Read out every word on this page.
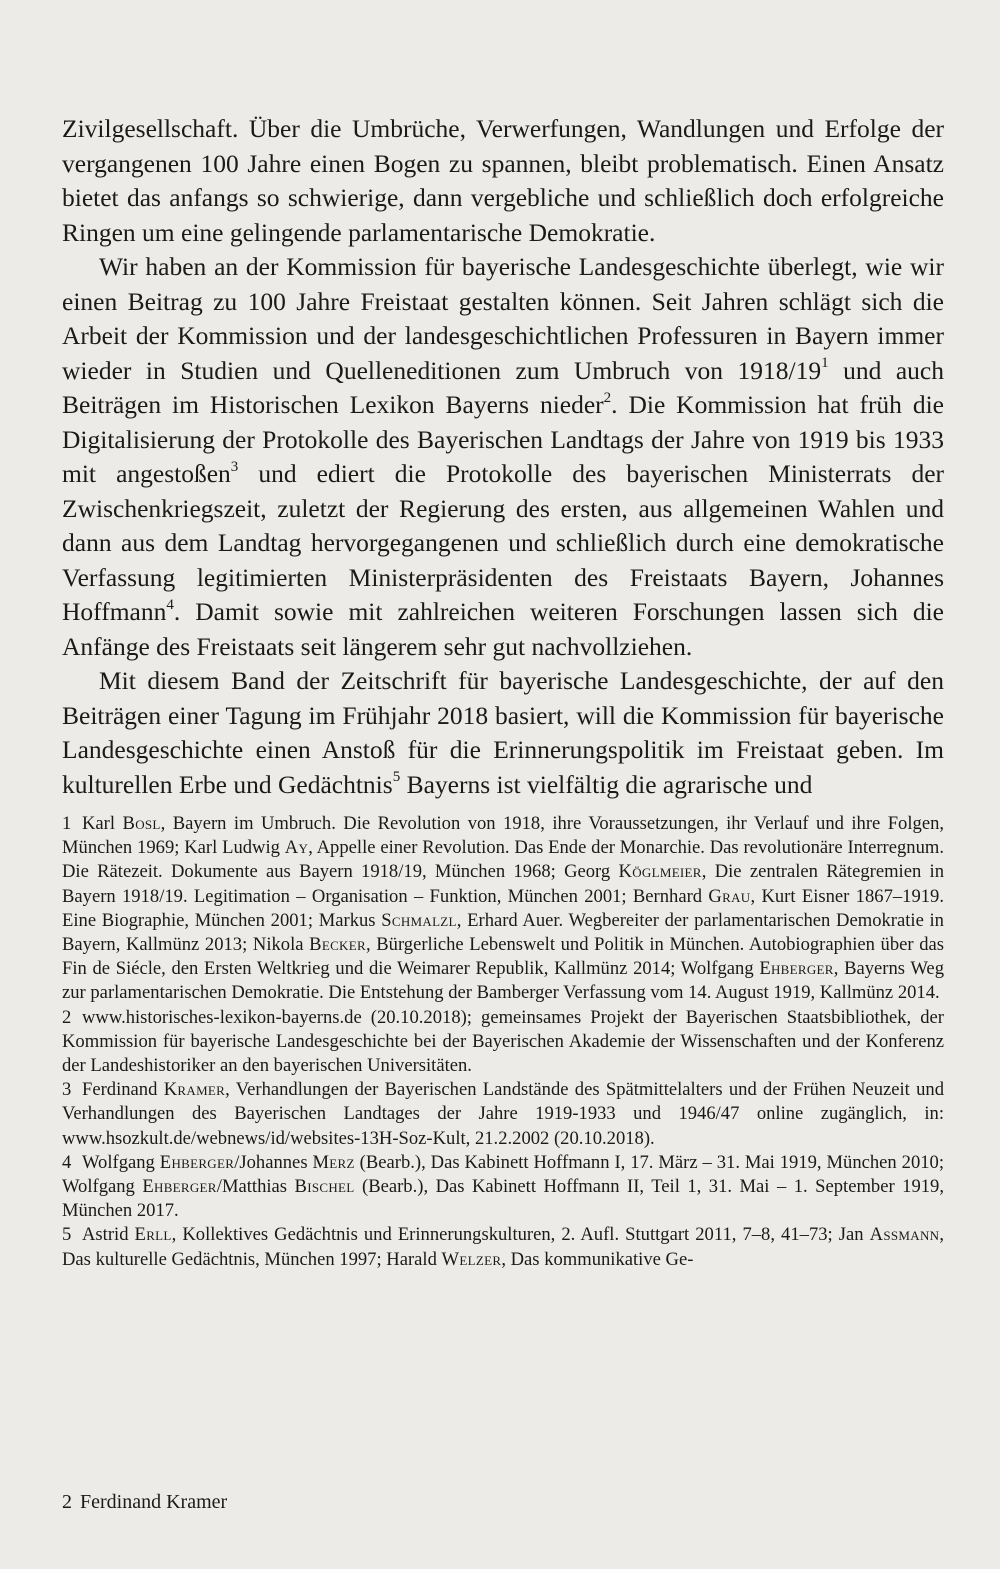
Zivilgesellschaft. Über die Umbrüche, Verwerfungen, Wandlungen und Erfolge der vergangenen 100 Jahre einen Bogen zu spannen, bleibt problematisch. Einen Ansatz bietet das anfangs so schwierige, dann vergebliche und schließlich doch erfolgreiche Ringen um eine gelingende parlamentarische Demokratie.

Wir haben an der Kommission für bayerische Landesgeschichte überlegt, wie wir einen Beitrag zu 100 Jahre Freistaat gestalten können. Seit Jahren schlägt sich die Arbeit der Kommission und der landesgeschichtlichen Professuren in Bayern immer wieder in Studien und Quelleneditionen zum Umbruch von $1918/19^1$ und auch Beiträgen im Historischen Lexikon Bayerns nieder$^2$. Die Kommission hat früh die Digitalisierung der Protokolle des Bayerischen Landtags der Jahre von 1919 bis 1933 mit angestoßen$^3$ und ediert die Protokolle des bayerischen Ministerrats der Zwischenkriegszeit, zuletzt der Regierung des ersten, aus allgemeinen Wahlen und dann aus dem Landtag hervorgegangenen und schließlich durch eine demokratische Verfassung legitimierten Ministerpräsidenten des Freistaats Bayern, Johannes Hoffmann$^4$. Damit sowie mit zahlreichen weiteren Forschungen lassen sich die Anfänge des Freistaats seit längerem sehr gut nachvollziehen.

Mit diesem Band der Zeitschrift für bayerische Landesgeschichte, der auf den Beiträgen einer Tagung im Frühjahr 2018 basiert, will die Kommission für bayerische Landesgeschichte einen Anstoß für die Erinnerungspolitik im Freistaat geben. Im kulturellen Erbe und Gedächtnis$^5$ Bayerns ist vielfältig die agrarische und

1 Karl Bosl, Bayern im Umbruch. Die Revolution von 1918, ihre Voraussetzungen, ihr Verlauf und ihre Folgen, München 1969; Karl Ludwig Ay, Appelle einer Revolution. Das Ende der Monarchie. Das revolutionäre Interregnum. Die Rätezeit. Dokumente aus Bayern 1918/19, München 1968; Georg Köglmeier, Die zentralen Rätegremien in Bayern 1918/19. Legitimation – Organisation – Funktion, München 2001; Bernhard Grau, Kurt Eisner 1867–1919. Eine Biographie, München 2001; Markus Schmalzl, Erhard Auer. Wegbereiter der parlamentarischen Demokratie in Bayern, Kallmünz 2013; Nikola Becker, Bürgerliche Lebenswelt und Politik in München. Autobiographien über das Fin de Siécle, den Ersten Weltkrieg und die Weimarer Republik, Kallmünz 2014; Wolfgang Ehberger, Bayerns Weg zur parlamentarischen Demokratie. Die Entstehung der Bamberger Verfassung vom 14. August 1919, Kallmünz 2014.

2 www.historisches-lexikon-bayerns.de (20.10.2018); gemeinsames Projekt der Bayerischen Staatsbibliothek, der Kommission für bayerische Landesgeschichte bei der Bayerischen Akademie der Wissenschaften und der Konferenz der Landeshistoriker an den bayerischen Universitäten.

3 Ferdinand Kramer, Verhandlungen der Bayerischen Landstände des Spätmittelalters und der Frühen Neuzeit und Verhandlungen des Bayerischen Landtages der Jahre 1919-1933 und 1946/47 online zugänglich, in: www.hsozkult.de/webnews/id/websites-13H-Soz-Kult, 21.2.2002 (20.10.2018).

4 Wolfgang Ehberger/Johannes Merz (Bearb.), Das Kabinett Hoffmann I, 17. März – 31. Mai 1919, München 2010; Wolfgang Ehberger/Matthias Bischel (Bearb.), Das Kabinett Hoffmann II, Teil 1, 31. Mai – 1. September 1919, München 2017.

5 Astrid Erll, Kollektives Gedächtnis und Erinnerungskulturen, 2. Aufl. Stuttgart 2011, 7–8, 41–73; Jan Assmann, Das kulturelle Gedächtnis, München 1997; Harald Welzer, Das kommunikative Ge-

2 Ferdinand Kramer
